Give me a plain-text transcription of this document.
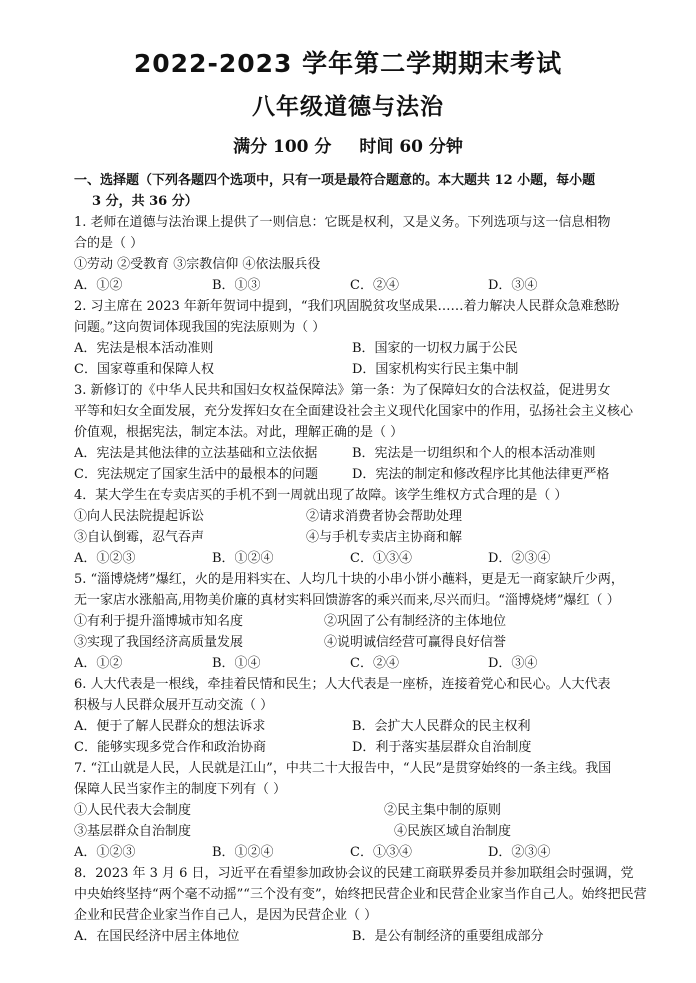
2022-2023 学年第二学期期末考试
八年级道德与法治
满分 100 分 时间 60 分钟
一、选择题（下列各题四个选项中，只有一项是最符合题意的。本大题共 12 小题，每小题
3 分，共 36 分）
1. 老师在道德与法治课上提供了一则信息：它既是权利，又是义务。下列选项与这一信息相物
合的是（ ）
①劳动 ②受教育 ③宗教信仰 ④依法服兵役
A．①②	B．①③	C．②④	D．③④
2. 习主席在 2023 年新年贺词中提到，“我们巩固脱贫攻坚成果……着力解决人民群众急难愁盼
问题。”这向贺词体现我国的宪法原则为（ ）
A．宪法是根本活动准则	B．国家的一切权力属于公民
C．国家尊重和保障人权	D．国家机构实行民主集中制
3. 新修订的《中华人民共和国妇女权益保障法》第一条：为了保障妇女的合法权益，促进男女
平等和妇女全面发展，充分发挥妇女在全面建设社会主义现代化国家中的作用，弘扬社会主义核心
价值观，根据宪法，制定本法。对此，理解正确的是（ ）
A．宪法是其他法律的立法基础和立法依据	B．宪法是一切组织和个人的根本活动准则
C．宪法规定了国家生活中的最根本的问题	D．宪法的制定和修改程序比其他法律更严格
4．某大学生在专卖店买的手机不到一周就出现了故障。该学生维权方式合理的是（ ）
①向人民法院提起诉讼	②请求消费者协会帮助处理
③自认倒霉，忍气吞声	④与手机专卖店主协商和解
A．①②③	B．①②④	C．①③④	D．②③④
5. “淄博烧烤”爆红，火的是用料实在、人均几十块的小串小饼小蘸料，更是无一商家缺斤少两，
无一家店水涨船高,用物美价廉的真材实料回馈游客的乘兴而来,尽兴而归。“淄博烧烤”爆红（ ）
①有利于提升淄博城市知名度	②巩固了公有制经济的主体地位
③实现了我国经济高质量发展	④说明诚信经营可赢得良好信誉
A．①②	B．①④	C．②④	D．③④
6. 人大代表是一根线，牵挂着民情和民生；人大代表是一座桥，连接着党心和民心。人大代表
积极与人民群众展开互动交流（ ）
A．便于了解人民群众的想法诉求	B．会扩大人民群众的民主权利
C．能够实现多党合作和政治协商	D．利于落实基层群众自治制度
7. “江山就是人民，人民就是江山”，中共二十大报告中，“人民”是贯穿始终的一条主线。我国
保障人民当家作主的制度下列有（ ）
①人民代表大会制度	②民主集中制的原则
③基层群众自治制度	④民族区域自治制度
A．①②③	B．①②④	C．①③④	D．②③④
8．2023 年 3 月 6 日，习近平在看望参加政协会议的民建工商联界委员并参加联组会时强调，党
中央始终坚持“两个毫不动摇”“三个没有变”，始终把民营企业和民营企业家当作自己人。始终把民营
企业和民营企业家当作自己人，是因为民营企业（ ）
A．在国民经济中居主体地位	B．是公有制经济的重要组成部分
